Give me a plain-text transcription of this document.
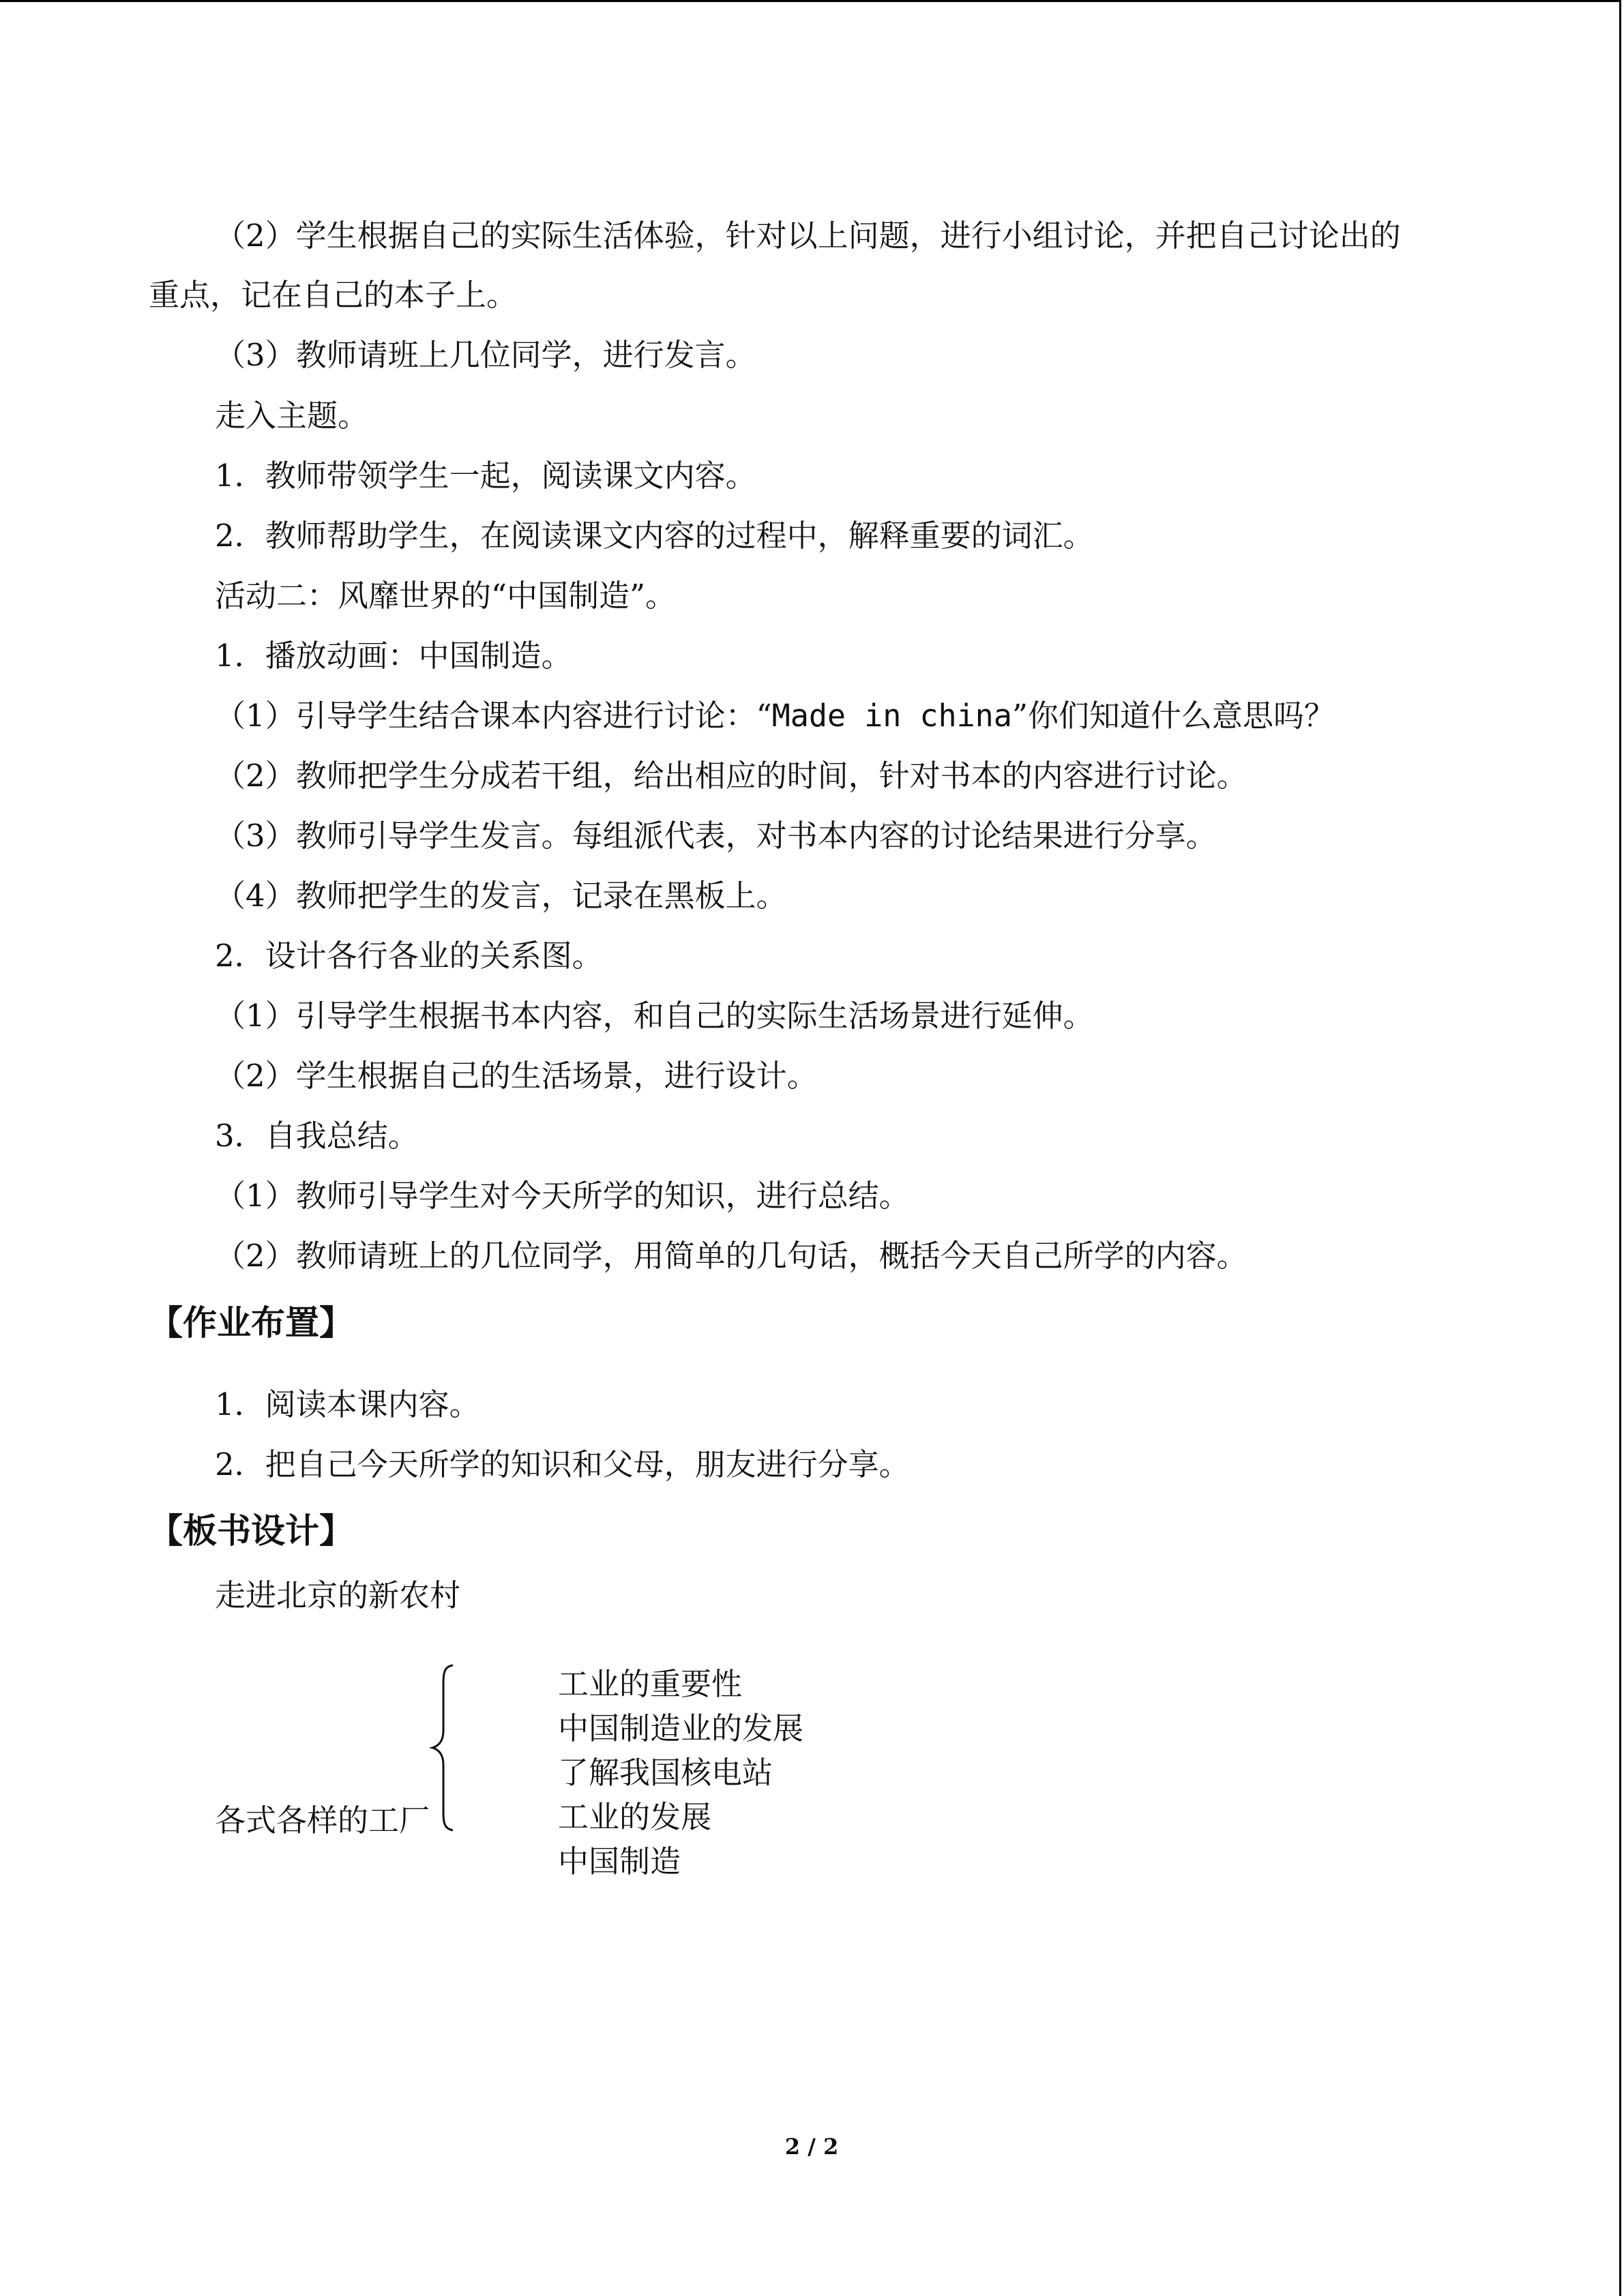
（2）学生根据自己的实际生活体验，针对以上问题，进行小组讨论，并把自己讨论出的
重点，记在自己的本子上。
（3）教师请班上几位同学，进行发言。
走入主题。
1．教师带领学生一起，阅读课文内容。
2．教师帮助学生，在阅读课文内容的过程中，解释重要的词汇。
活动二：风靡世界的“中国制造”。
1．播放动画：中国制造。
（1）引导学生结合课本内容进行讨论：“Made in china”你们知道什么意思吗？
（2）教师把学生分成若干组，给出相应的时间，针对书本的内容进行讨论。
（3）教师引导学生发言。每组派代表，对书本内容的讨论结果进行分享。
（4）教师把学生的发言，记录在黑板上。
2．设计各行各业的关系图。
（1）引导学生根据书本内容，和自己的实际生活场景进行延伸。
（2）学生根据自己的生活场景，进行设计。
3．自我总结。
（1）教师引导学生对今天所学的知识，进行总结。
（2）教师请班上的几位同学，用简单的几句话，概括今天自己所学的内容。
【作业布置】
1．阅读本课内容。
2．把自己今天所学的知识和父母，朋友进行分享。
【板书设计】
走进北京的新农村
各式各样的工厂
工业的重要性
中国制造业的发展
了解我国核电站
工业的发展
中国制造
2 / 2
